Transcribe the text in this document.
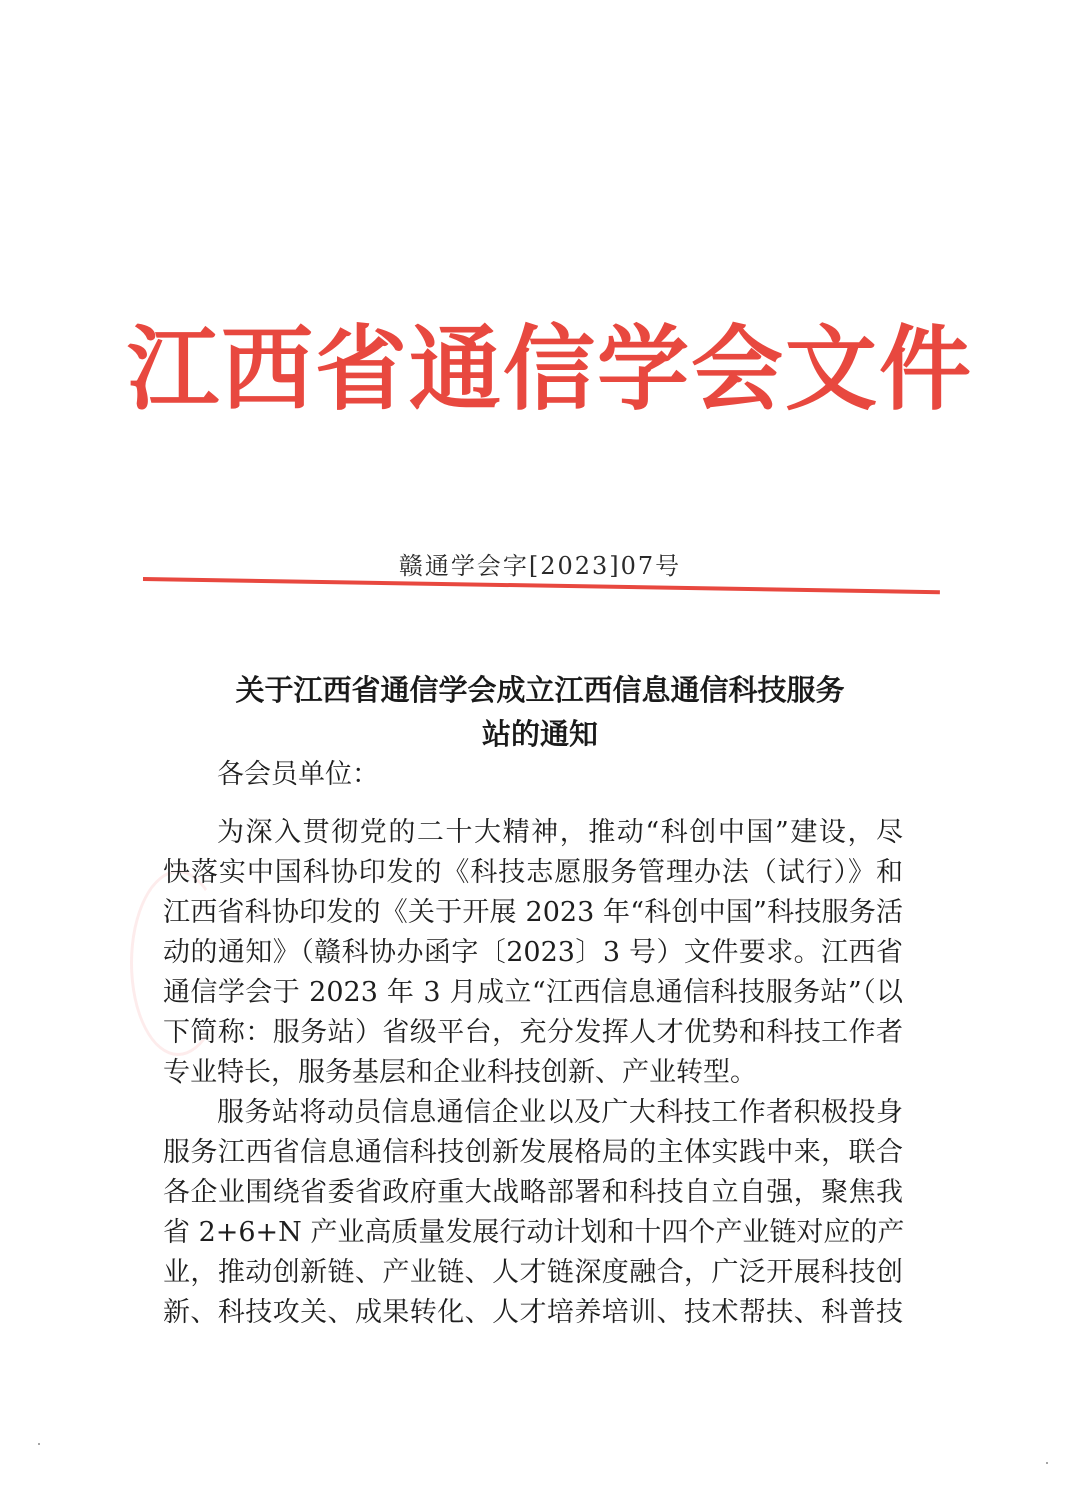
江西省通信学会文件
赣通学会字[2023]07号
关于江西省通信学会成立江西信息通信科技服务
站的通知
各会员单位：
为深入贯彻党的二十大精神，推动“科创中国”建设，尽
快落实中国科协印发的《科技志愿服务管理办法（试行）》和
江西省科协印发的《关于开展 2023 年“科创中国”科技服务活
动的通知》（赣科协办函字〔2023〕3 号）文件要求。江西省
通信学会于 2023 年 3 月成立“江西信息通信科技服务站”（以
下简称：服务站）省级平台，充分发挥人才优势和科技工作者
专业特长，服务基层和企业科技创新、产业转型。
服务站将动员信息通信企业以及广大科技工作者积极投身
服务江西省信息通信科技创新发展格局的主体实践中来，联合
各企业围绕省委省政府重大战略部署和科技自立自强，聚焦我
省 2+6+N 产业高质量发展行动计划和十四个产业链对应的产
业，推动创新链、产业链、人才链深度融合，广泛开展科技创
新、科技攻关、成果转化、人才培养培训、技术帮扶、科普技
